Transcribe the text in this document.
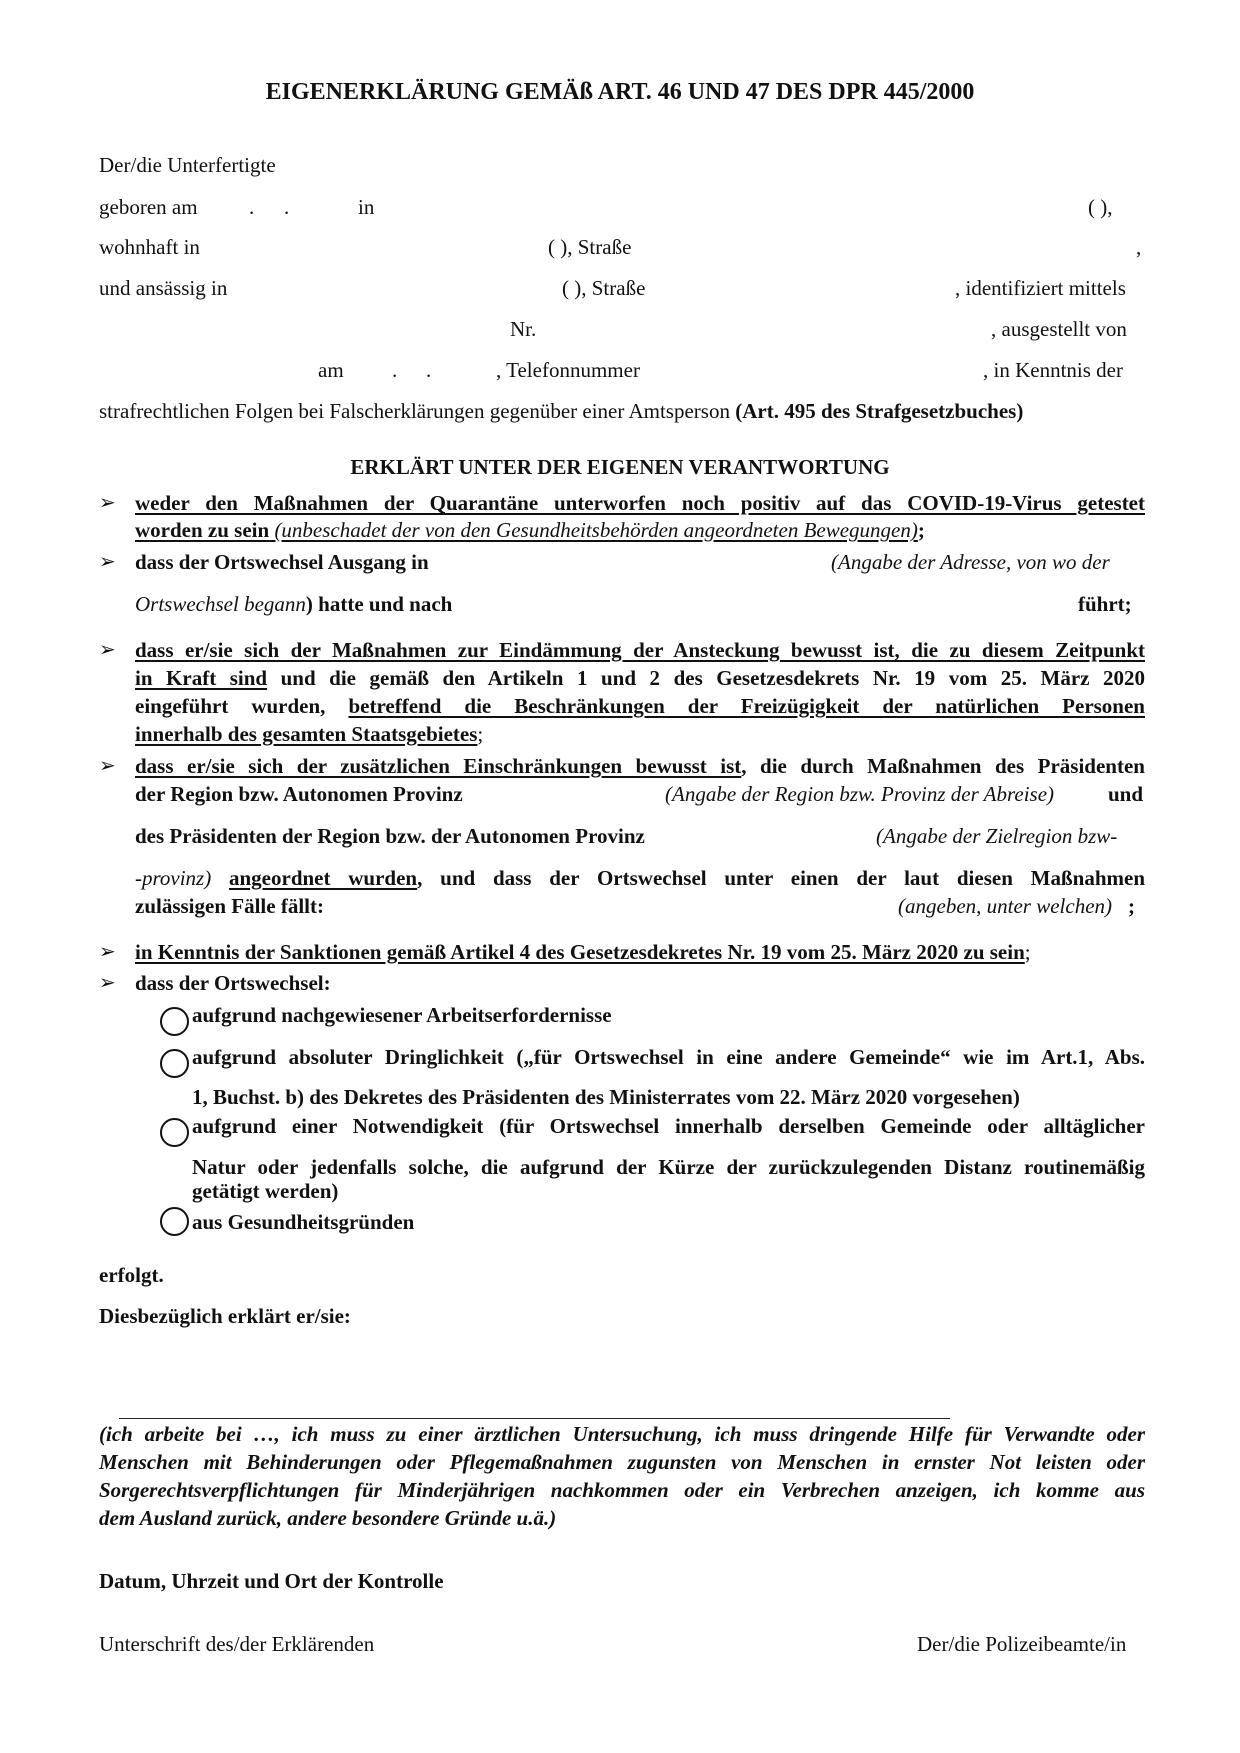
EIGENERKLÄRUNG GEMÄß ART. 46 UND 47 DES DPR 445/2000
Der/die Unterfertigte
geboren am . .	in	( ),
wohnhaft in	( ), Straße	,
und ansässig in	( ), Straße	, identifiziert mittels
Nr.	, ausgestellt von
am . .	, Telefonnummer	, in Kenntnis der
strafrechtlichen Folgen bei Falscherklärungen gegenüber einer Amtsperson (Art. 495 des Strafgesetzbuches)
ERKLÄRT UNTER DER EIGENEN VERANTWORTUNG
➢ weder den Maßnahmen der Quarantäne unterworfen noch positiv auf das COVID-19-Virus getestet
worden zu sein (unbeschadet der von den Gesundheitsbehörden angeordneten Bewegungen);
➢ dass der Ortswechsel Ausgang in	(Angabe der Adresse, von wo der
Ortswechsel begann) hatte und nach	führt;
➢ dass er/sie sich der Maßnahmen zur Eindämmung der Ansteckung bewusst ist, die zu diesem Zeitpunkt
in Kraft sind und die gemäß den Artikeln 1 und 2 des Gesetzesdekrets Nr. 19 vom 25. März 2020
eingeführt wurden, betreffend die Beschränkungen der Freizügigkeit der natürlichen Personen
innerhalb des gesamten Staatsgebietes;
➢ dass er/sie sich der zusätzlichen Einschränkungen bewusst ist, die durch Maßnahmen des Präsidenten
der Region bzw. Autonomen Provinz	(Angabe der Region bzw. Provinz der Abreise)	und
des Präsidenten der Region bzw. der Autonomen Provinz	(Angabe der Zielregion bzw-
-provinz) angeordnet wurden, und dass der Ortswechsel unter einen der laut diesen Maßnahmen
zulässigen Fälle fällt:	(angeben, unter welchen) ;
➢ in Kenntnis der Sanktionen gemäß Artikel 4 des Gesetzesdekretes Nr. 19 vom 25. März 2020 zu sein;
➢ dass der Ortswechsel:
aufgrund nachgewiesener Arbeitserfordernisse
aufgrund absoluter Dringlichkeit („für Ortswechsel in eine andere Gemeinde“ wie im Art.1, Abs.
1, Buchst. b) des Dekretes des Präsidenten des Ministerrates vom 22. März 2020 vorgesehen)
aufgrund einer Notwendigkeit (für Ortswechsel innerhalb derselben Gemeinde oder alltäglicher
Natur oder jedenfalls solche, die aufgrund der Kürze der zurückzulegenden Distanz routinemäßig
getätigt werden)
aus Gesundheitsgründen
erfolgt.
Diesbezüglich erklärt er/sie:
(ich arbeite bei …, ich muss zu einer ärztlichen Untersuchung, ich muss dringende Hilfe für Verwandte oder
Menschen mit Behinderungen oder Pflegemaßnahmen zugunsten von Menschen in ernster Not leisten oder
Sorgerechtsverpflichtungen für Minderjährigen nachkommen oder ein Verbrechen anzeigen, ich komme aus
dem Ausland zurück, andere besondere Gründe u.ä.)
Datum, Uhrzeit und Ort der Kontrolle
Unterschrift des/der Erklärenden	Der/die Polizeibeamte/in
